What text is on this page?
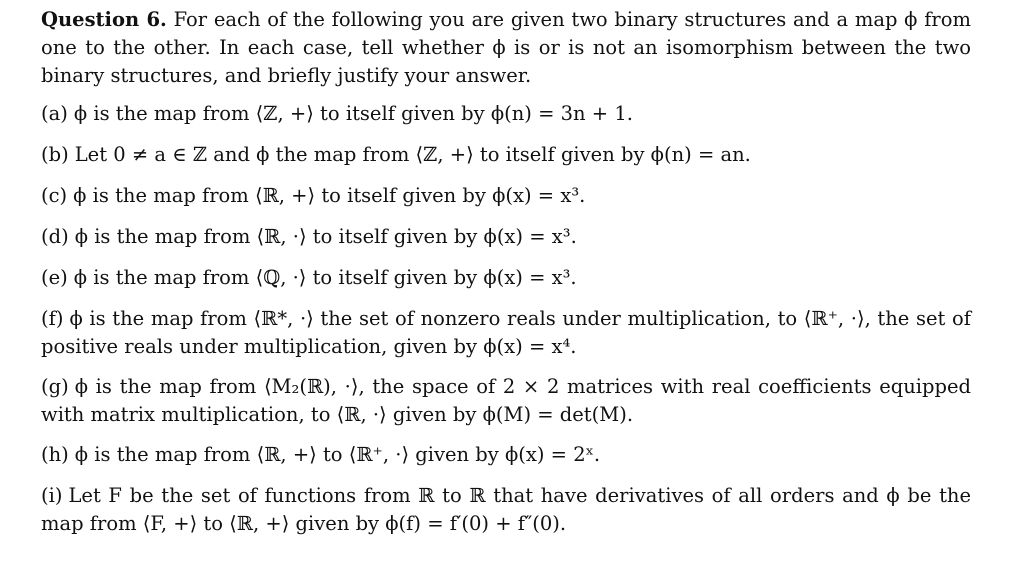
Question 6. For each of the following you are given two binary structures and a map ϕ from one to the other. In each case, tell whether ϕ is or is not an isomorphism between the two binary structures, and briefly justify your answer.

(a) ϕ is the map from ⟨ℤ, +⟩ to itself given by ϕ(n) = 3n + 1.

(b) Let 0 ≠ a ∈ ℤ and ϕ the map from ⟨ℤ, +⟩ to itself given by ϕ(n) = an.

(c) ϕ is the map from ⟨ℝ, +⟩ to itself given by ϕ(x) = x³.

(d) ϕ is the map from ⟨ℝ, ·⟩ to itself given by ϕ(x) = x³.

(e) ϕ is the map from ⟨ℚ, ·⟩ to itself given by ϕ(x) = x³.

(f) ϕ is the map from ⟨ℝ*, ·⟩ the set of nonzero reals under multiplication, to ⟨ℝ⁺, ·⟩, the set of positive reals under multiplication, given by ϕ(x) = x⁴.

(g) ϕ is the map from ⟨M₂(ℝ), ·⟩, the space of 2 × 2 matrices with real coefficients equipped with matrix multiplication, to ⟨ℝ, ·⟩ given by ϕ(M) = det(M).

(h) ϕ is the map from ⟨ℝ, +⟩ to ⟨ℝ⁺, ·⟩ given by ϕ(x) = 2ˣ.

(i) Let F be the set of functions from ℝ to ℝ that have derivatives of all orders and ϕ be the map from ⟨F, +⟩ to ⟨ℝ, +⟩ given by ϕ(f) = f′(0) + f″(0).
